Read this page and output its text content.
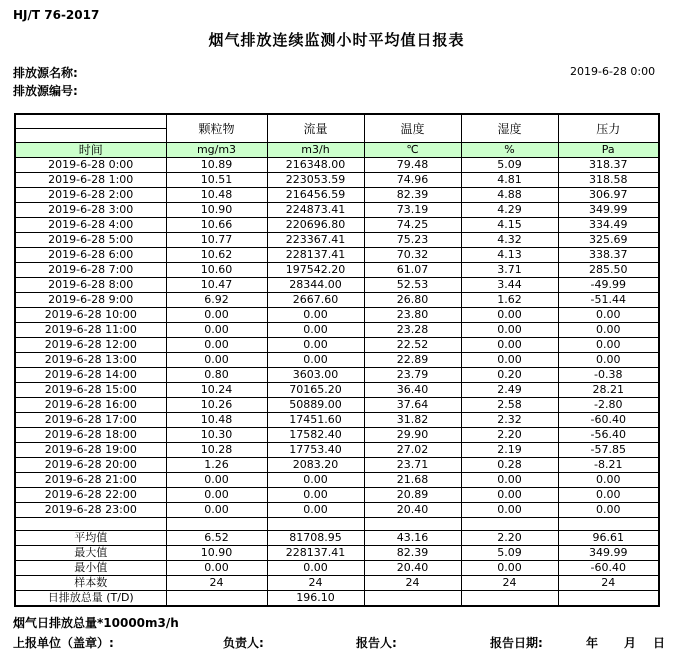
HJ/T 76-2017
烟气排放连续监测小时平均值日报表
排放源名称:
排放源编号:
2019-6-28 0:00
	颗粒物	流量	温度	湿度	压力
时间	mg/m3	m3/h	℃	%	Pa
2019-6-28 0:00	10.89	216348.00	79.48	5.09	318.37
2019-6-28 1:00	10.51	223053.59	74.96	4.81	318.58
2019-6-28 2:00	10.48	216456.59	82.39	4.88	306.97
2019-6-28 3:00	10.90	224873.41	73.19	4.29	349.99
2019-6-28 4:00	10.66	220696.80	74.25	4.15	334.49
2019-6-28 5:00	10.77	223367.41	75.23	4.32	325.69
2019-6-28 6:00	10.62	228137.41	70.32	4.13	338.37
2019-6-28 7:00	10.60	197542.20	61.07	3.71	285.50
2019-6-28 8:00	10.47	28344.00	52.53	3.44	-49.99
2019-6-28 9:00	6.92	2667.60	26.80	1.62	-51.44
2019-6-28 10:00	0.00	0.00	23.80	0.00	0.00
2019-6-28 11:00	0.00	0.00	23.28	0.00	0.00
2019-6-28 12:00	0.00	0.00	22.52	0.00	0.00
2019-6-28 13:00	0.00	0.00	22.89	0.00	0.00
2019-6-28 14:00	0.80	3603.00	23.79	0.20	-0.38
2019-6-28 15:00	10.24	70165.20	36.40	2.49	28.21
2019-6-28 16:00	10.26	50889.00	37.64	2.58	-2.80
2019-6-28 17:00	10.48	17451.60	31.82	2.32	-60.40
2019-6-28 18:00	10.30	17582.40	29.90	2.20	-56.40
2019-6-28 19:00	10.28	17753.40	27.02	2.19	-57.85
2019-6-28 20:00	1.26	2083.20	23.71	0.28	-8.21
2019-6-28 21:00	0.00	0.00	21.68	0.00	0.00
2019-6-28 22:00	0.00	0.00	20.89	0.00	0.00
2019-6-28 23:00	0.00	0.00	20.40	0.00	0.00

平均值	6.52	81708.95	43.16	2.20	96.61
最大值	10.90	228137.41	82.39	5.09	349.99
最小值	0.00	0.00	20.40	0.00	-60.40
样本数	24	24	24	24	24
日排放总量 (T/D)		196.10			
烟气日排放总量*10000m3/h
上报单位（盖章）:	负责人:	报告人:	报告日期:	年 月 日
